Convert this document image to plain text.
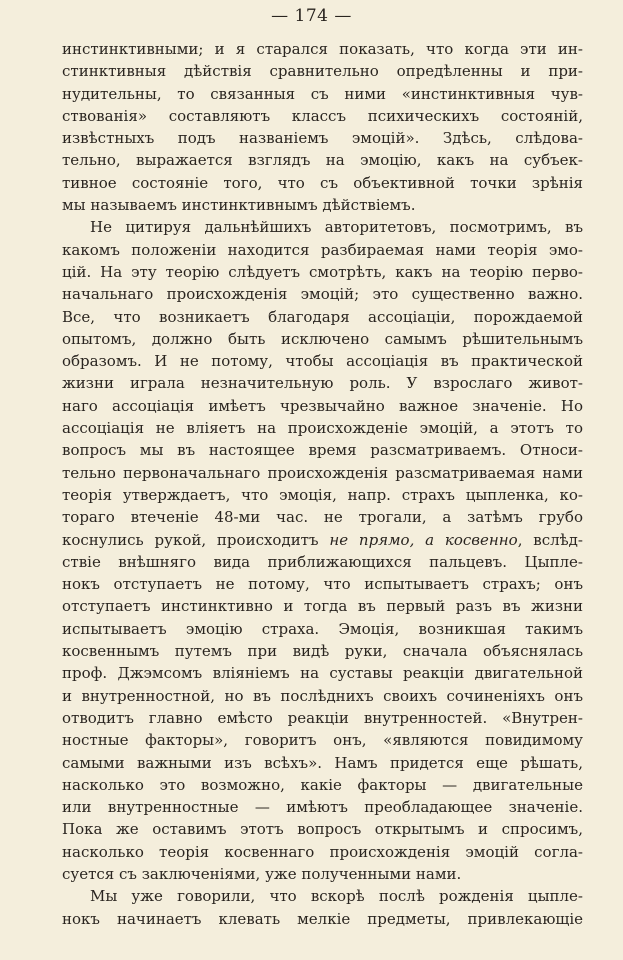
— 174 —
инстинктивными; и я старался показать, что когда эти ин-
стинктивныя дѣйствія сравнительно опредѣленны и при-
нудительны, то связанныя съ ними «инстинктивныя чув-
ствованія» составляютъ классъ психическихъ состояній,
извѣстныхъ подъ названіемъ эмоцій». Здѣсь, слѣдова-
тельно, выражается взглядъ на эмоцію, какъ на субъек-
тивное состояніе того, что съ объективной точки зрѣнія
мы называемъ инстинктивнымъ дѣйствіемъ.
Не цитируя дальнѣйшихъ авторитетовъ, посмотримъ, въ
какомъ положеніи находится разбираемая нами теорія эмо-
цій. На эту теорію слѣдуетъ смотрѣть, какъ на теорію перво-
начальнаго происхожденія эмоцій; это существенно важно.
Все, что возникаетъ благодаря ассоціаціи, порождаемой
опытомъ, должно быть исключено самымъ рѣшительнымъ
образомъ. И не потому, чтобы ассоціація въ практической
жизни играла незначительную роль. У взрослаго живот-
наго ассоціація имѣетъ чрезвычайно важное значеніе. Но
ассоціація не вліяетъ на происхожденіе эмоцій, а этотъ то
вопросъ мы въ настоящее время разсматриваемъ. Относи-
тельно первоначальнаго происхожденія разсматриваемая нами
теорія утверждаетъ, что эмоція, напр. страхъ цыпленка, ко-
тораго втеченіе 48-ми час. не трогали, а затѣмъ грубо
коснулись рукой, происходитъ не прямо, а косвенно, вслѣд-
ствіе внѣшняго вида приближающихся пальцевъ. Цыпле-
нокъ отступаетъ не потому, что испытываетъ страхъ; онъ
отступаетъ инстинктивно и тогда въ первый разъ въ жизни
испытываетъ эмоцію страха. Эмоція, возникшая такимъ
косвеннымъ путемъ при видѣ руки, сначала объяснялась
проф. Джэмсомъ вліяніемъ на суставы реакціи двигательной
и внутренностной, но въ послѣднихъ своихъ сочиненіяхъ онъ
отводитъ главно емѣсто реакціи внутренностей. «Внутрен-
ностные факторы», говоритъ онъ, «являются повидимому
самыми важными изъ всѣхъ». Намъ придется еще рѣшать,
насколько это возможно, какіе факторы — двигательные
или внутренностные — имѣютъ преобладающее значеніе.
Пока же оставимъ этотъ вопросъ открытымъ и спросимъ,
насколько теорія косвеннаго происхожденія эмоцій согла-
суется съ заключеніями, уже полученными нами.
Мы уже говорили, что вскорѣ послѣ рожденія цыпле-
нокъ начинаетъ клевать мелкіе предметы, привлекающіе
